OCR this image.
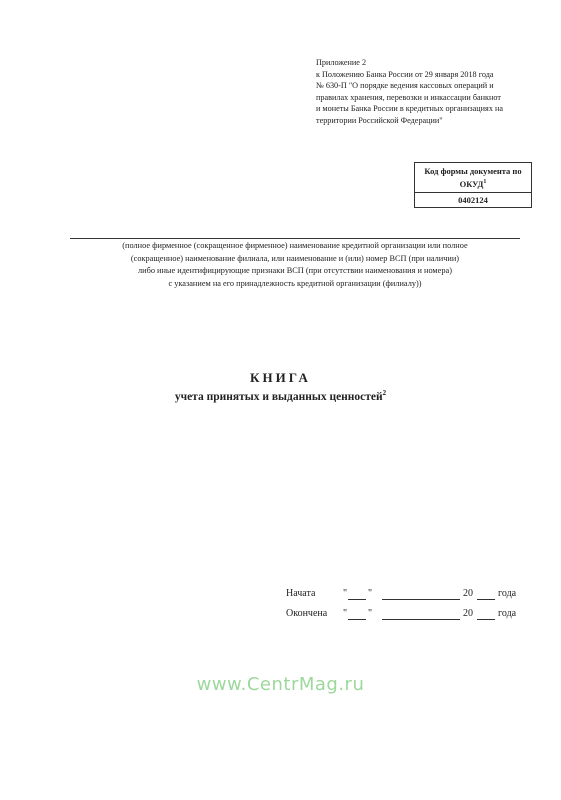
Приложение 2
к Положению Банка России от 29 января 2018 года
№ 630-П "О порядке ведения кассовых операций и
правилах хранения, перевозки и инкассации банкнот
и монеты Банка России в кредитных организациях на
территории Российской Федерации"
Код формы документа по ОКУД$^1$
0402124
(полное фирменное (сокращенное фирменное) наименование кредитной организации или полное
(сокращенное) наименование филиала, или наименование и (или) номер ВСП (при наличии)
либо иные идентифицирующие признаки ВСП (при отсутствии наименования и номера)
с указанием на его принадлежность кредитной организации (филиалу))
КНИГА
учета принятых и выданных ценностей$^2$
Начата	" "	20	года
Окончена " "	20	года
www.CentrMag.ru
